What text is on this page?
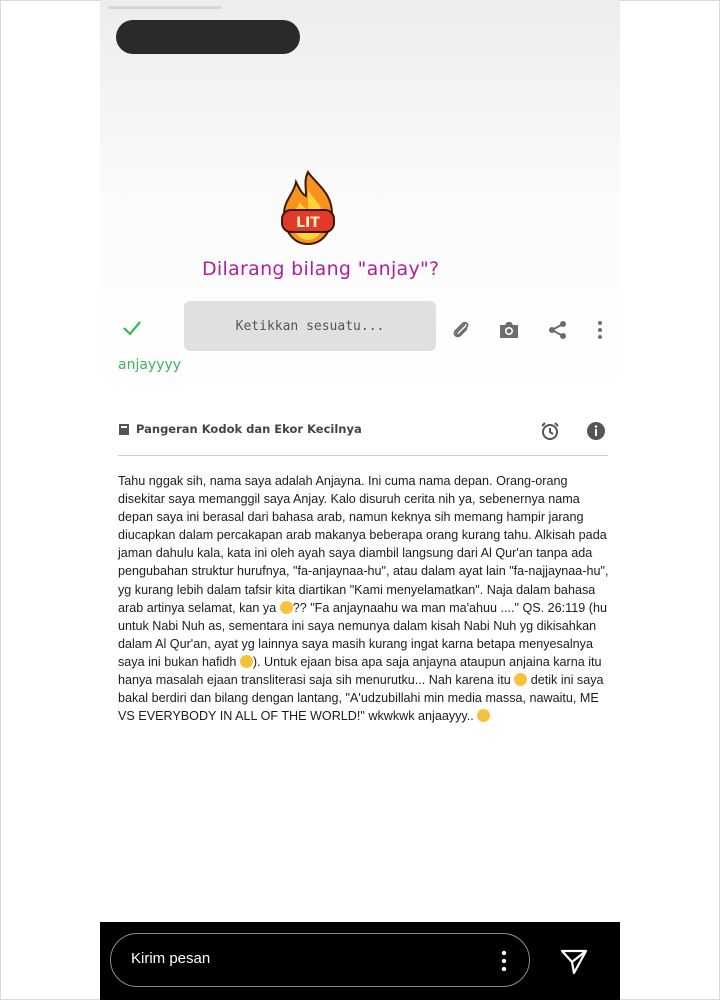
LIT
Dilarang bilang "anjay"?
Ketikkan sesuatu...
anjayyyy
Pangeran Kodok dan Ekor Kecilnya

Tahu nggak sih, nama saya adalah Anjayna. Ini cuma nama depan. Orang-orang disekitar saya memanggil saya Anjay. Kalo disuruh cerita nih ya, sebenernya nama depan saya ini berasal dari bahasa arab, namun keknya sih memang hampir jarang diucapkan dalam percakapan arab makanya beberapa orang kurang tahu. Alkisah pada jaman dahulu kala, kata ini oleh ayah saya diambil langsung dari Al Qur'an tanpa ada pengubahan struktur hurufnya, "fa-anjaynaa-hu", atau dalam ayat lain "fa-najjaynaa-hu", yg kurang lebih dalam tafsir kita diartikan "Kami menyelamatkan". Naja dalam bahasa arab artinya selamat, kan ya ?? "Fa anjaynaahu wa man ma'ahuu ...." QS. 26:119 (hu untuk Nabi Nuh as, sementara ini saya nemunya dalam kisah Nabi Nuh yg dikisahkan dalam Al Qur'an, ayat yg lainnya saya masih kurang ingat karna betapa menyesalnya saya ini bukan hafidh ). Untuk ejaan bisa apa saja anjayna ataupun anjaina karna itu hanya masalah ejaan transliterasi saja sih menurutku... Nah karena itu detik ini saya bakal berdiri dan bilang dengan lantang, "A'udzubillahi min media massa, nawaitu, ME VS EVERYBODY IN ALL OF THE WORLD!" wkwkwk anjaayyy..

Kirim pesan
